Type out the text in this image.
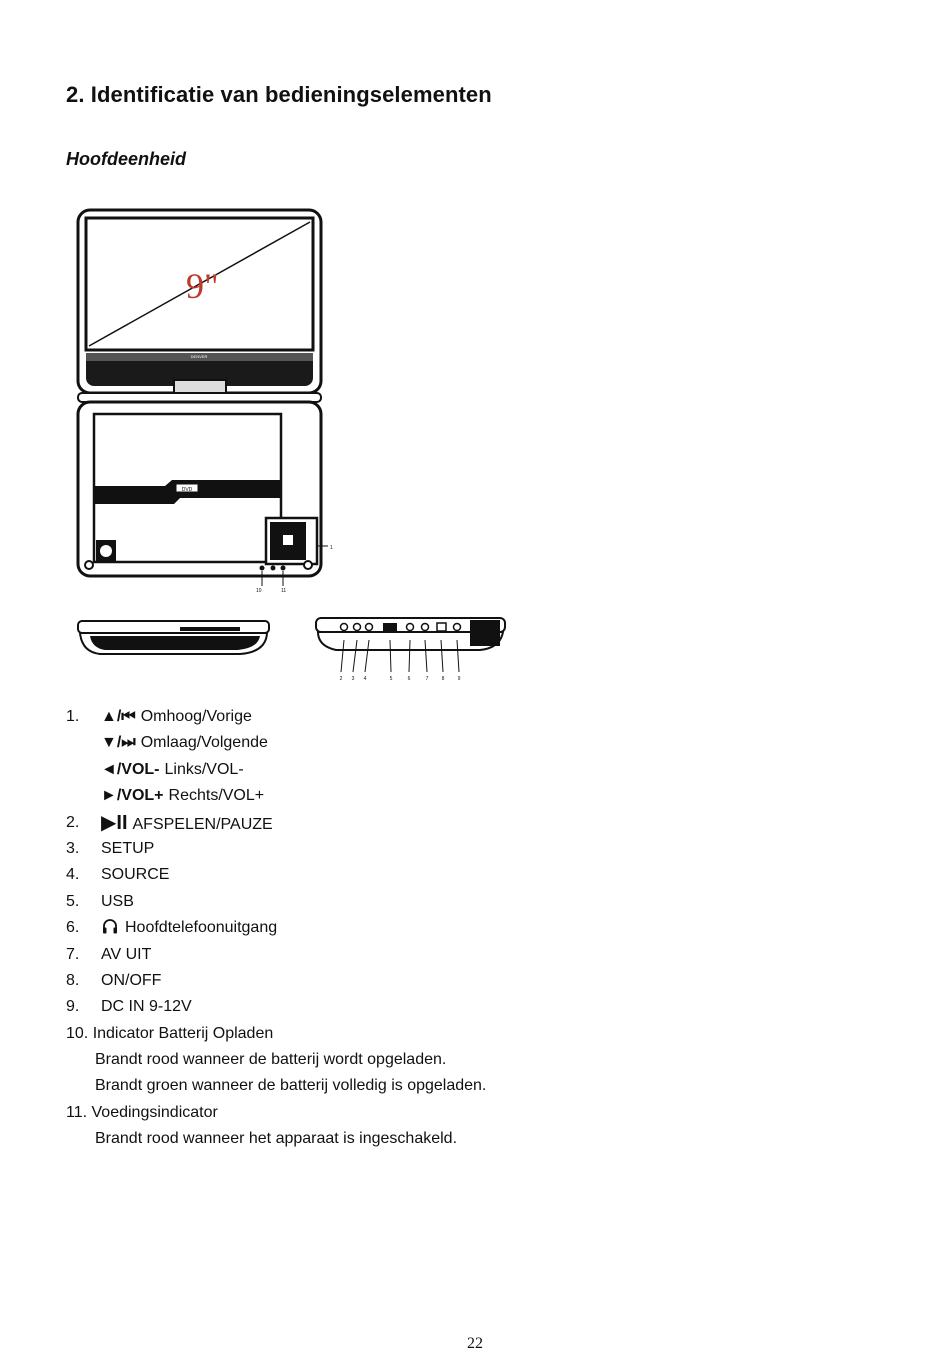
2. Identificatie van bedieningselementen
Hoofdeenheid
9"
DENVER
DVD
1
10	11
2 3 4	5	6	7	8	9
1. ▲/⏮ Omhoog/Vorige
▼/⏭ Omlaag/Volgende
◄/VOL- Links/VOL-
►/VOL+ Rechts/VOL+
2. ▶II AFSPELEN/PAUZE
3. SETUP
4. SOURCE
5. USB
6.	Hoofdtelefoonuitgang
7. AV UIT
8. ON/OFF
9. DC IN 9-12V
10. Indicator Batterij Opladen
Brandt rood wanneer de batterij wordt opgeladen.
Brandt groen wanneer de batterij volledig is opgeladen.
11. Voedingsindicator
Brandt rood wanneer het apparaat is ingeschakeld.
22
